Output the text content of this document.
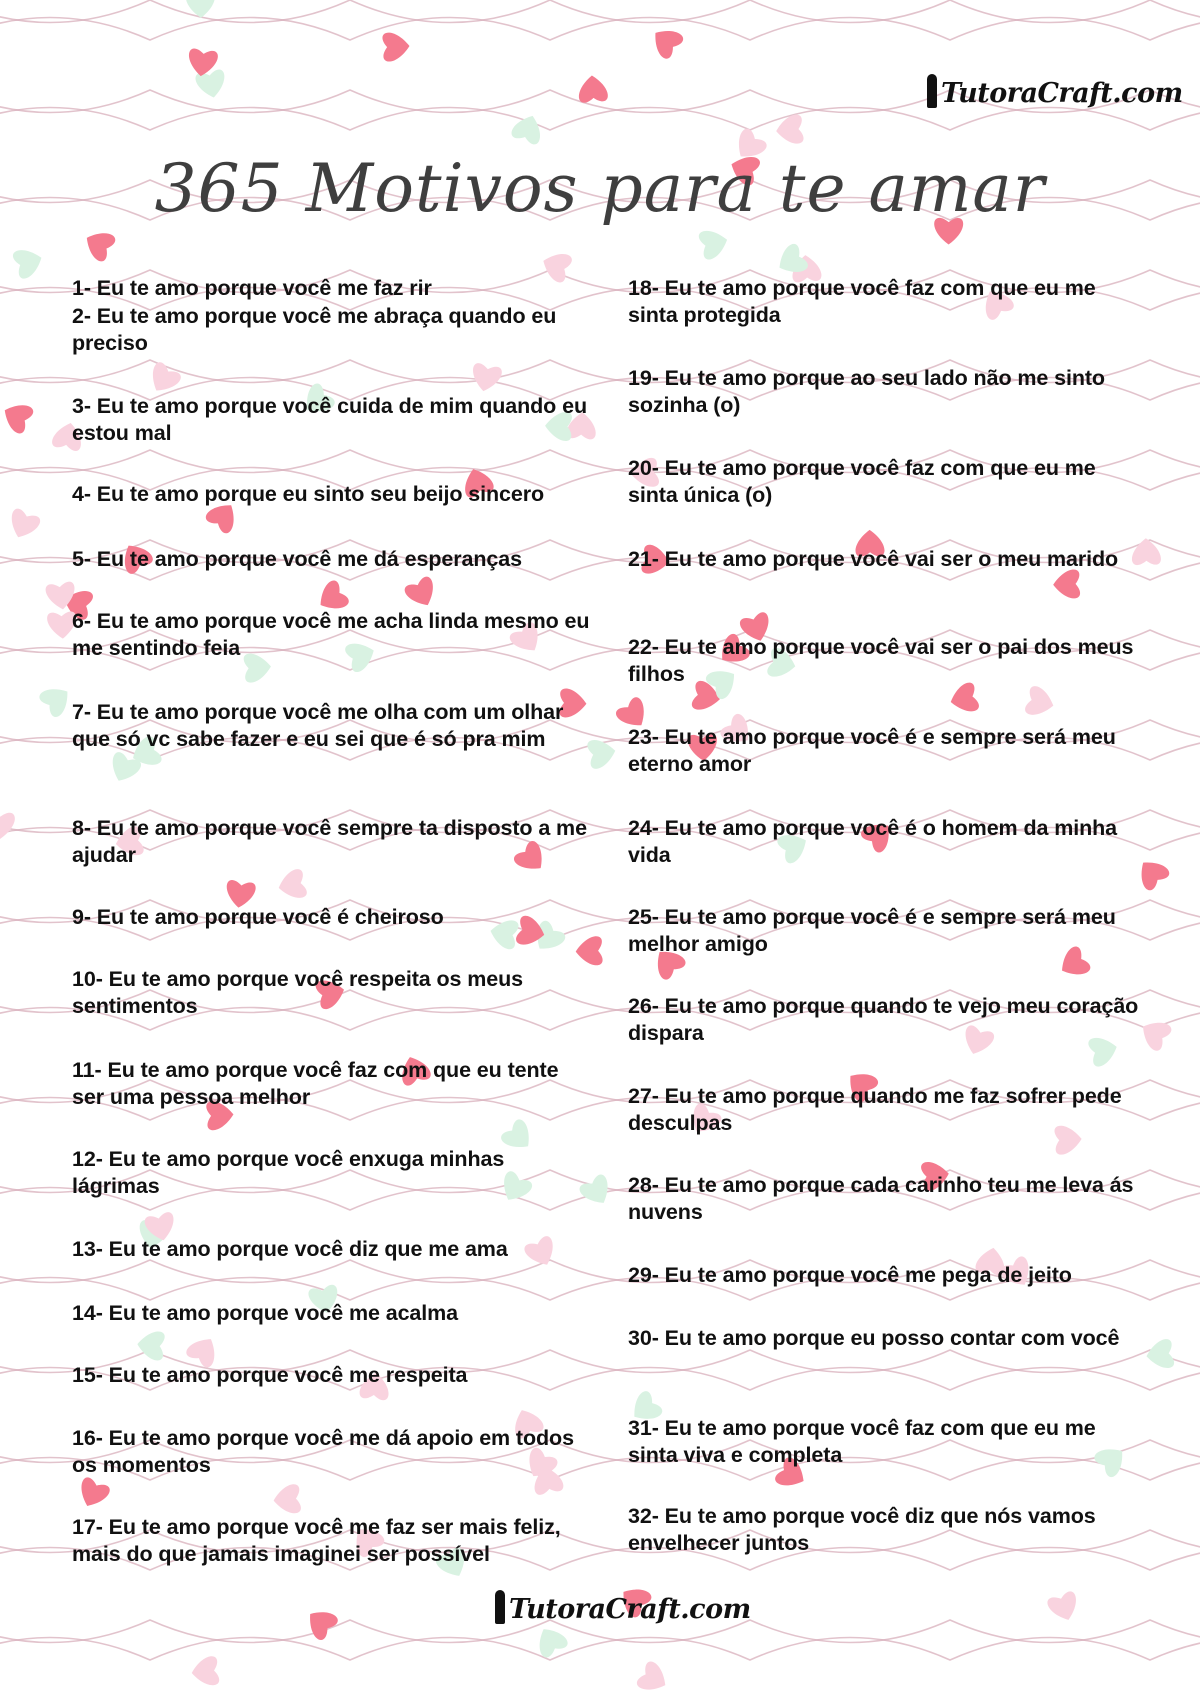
TutoraCraft.com
365 Motivos para te amar
1- Eu te amo porque você me faz rir
2- Eu te amo porque você me abraça quando eu preciso
3- Eu te amo porque você cuida de mim quando eu estou mal
4- Eu te amo porque eu sinto seu beijo sincero
5- Eu te amo porque você me dá esperanças
6- Eu te amo porque você me acha linda mesmo eu me sentindo feia
7- Eu te amo porque você me olha com um olhar que só vc sabe fazer e eu sei que é só pra mim
8- Eu te amo porque você sempre ta disposto a me ajudar
9- Eu te amo porque você é cheiroso
10- Eu te amo porque você respeita os meus sentimentos
11- Eu te amo porque você faz com que eu tente ser uma pessoa melhor
12- Eu te amo porque você enxuga minhas lágrimas
13- Eu te amo porque você diz que me ama
14- Eu te amo porque você me acalma
15- Eu te amo porque você me respeita
16- Eu te amo porque você me dá apoio em todos os momentos
17- Eu te amo porque você me faz ser mais feliz, mais do que jamais imaginei ser possível
18- Eu te amo porque você faz com que eu me sinta protegida
19- Eu te amo porque ao seu lado não me sinto sozinha (o)
20- Eu te amo porque você faz com que eu me sinta única (o)
21- Eu te amo porque você vai ser o meu marido
22- Eu te amo porque você vai ser o pai dos meus filhos
23- Eu te amo porque você é e sempre será meu eterno amor
24- Eu te amo porque você é o homem da minha vida
25- Eu te amo porque você é e sempre será meu melhor amigo
26- Eu te amo porque quando te vejo meu coração dispara
27- Eu te amo porque quando me faz sofrer pede desculpas
28- Eu te amo porque cada carinho teu me leva ás nuvens
29- Eu te amo porque você me pega de jeito
30- Eu te amo porque eu posso contar com você
31- Eu te amo porque você faz com que eu me sinta viva e completa
32- Eu te amo porque você diz que nós vamos envelhecer juntos
TutoraCraft.com
